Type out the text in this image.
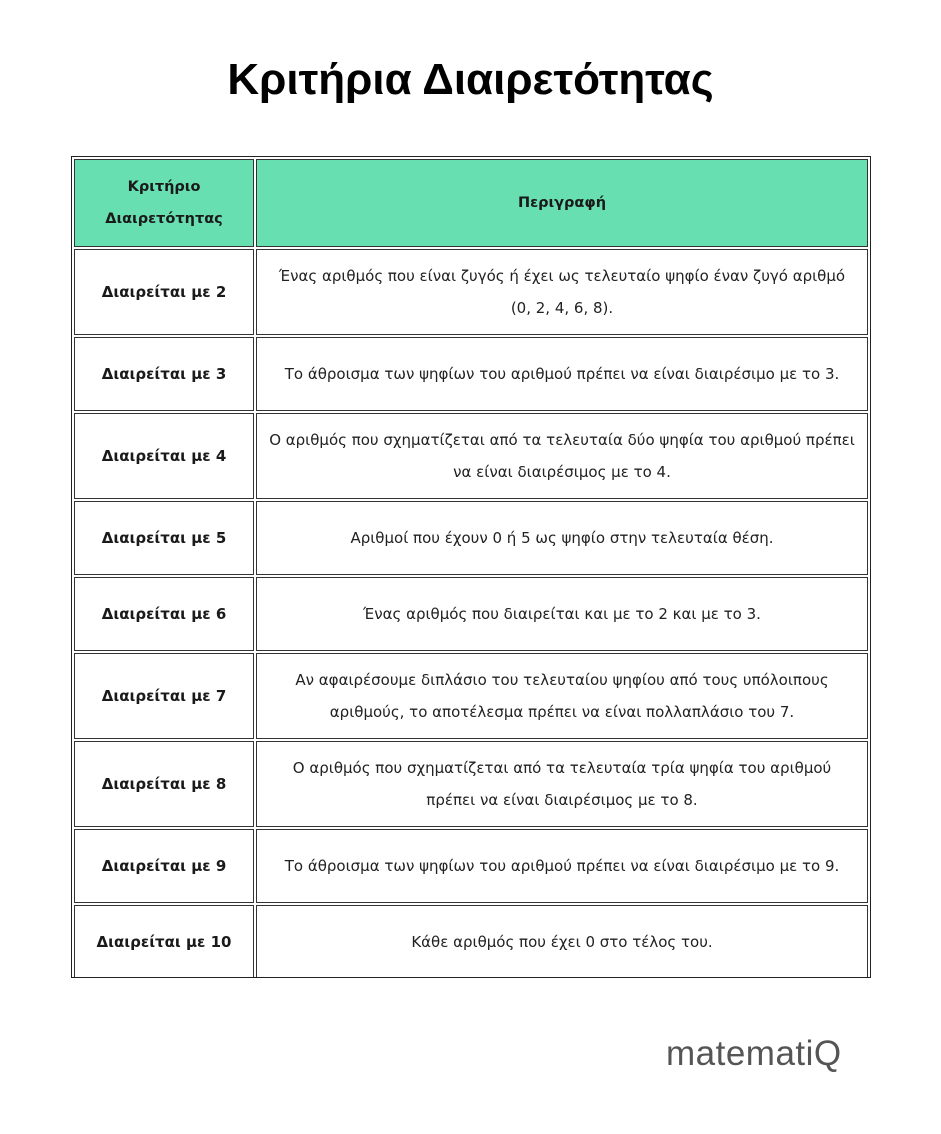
Κριτήρια Διαιρετότητας
Κριτήριο Διαιρετότητας	Περιγραφή
Διαιρείται με 2	Ένας αριθμός που είναι ζυγός ή έχει ως τελευταίο ψηφίο έναν ζυγό αριθμό (0, 2, 4, 6, 8).
Διαιρείται με 3	Το άθροισμα των ψηφίων του αριθμού πρέπει να είναι διαιρέσιμο με το 3.
Διαιρείται με 4	Ο αριθμός που σχηματίζεται από τα τελευταία δύο ψηφία του αριθμού πρέπει να είναι διαιρέσιμος με το 4.
Διαιρείται με 5	Αριθμοί που έχουν 0 ή 5 ως ψηφίο στην τελευταία θέση.
Διαιρείται με 6	Ένας αριθμός που διαιρείται και με το 2 και με το 3.
Διαιρείται με 7	Αν αφαιρέσουμε διπλάσιο του τελευταίου ψηφίου από τους υπόλοιπους αριθμούς, το αποτέλεσμα πρέπει να είναι πολλαπλάσιο του 7.
Διαιρείται με 8	Ο αριθμός που σχηματίζεται από τα τελευταία τρία ψηφία του αριθμού πρέπει να είναι διαιρέσιμος με το 8.
Διαιρείται με 9	Το άθροισμα των ψηφίων του αριθμού πρέπει να είναι διαιρέσιμο με το 9.
Διαιρείται με 10	Κάθε αριθμός που έχει 0 στο τέλος του.
matematiQ
